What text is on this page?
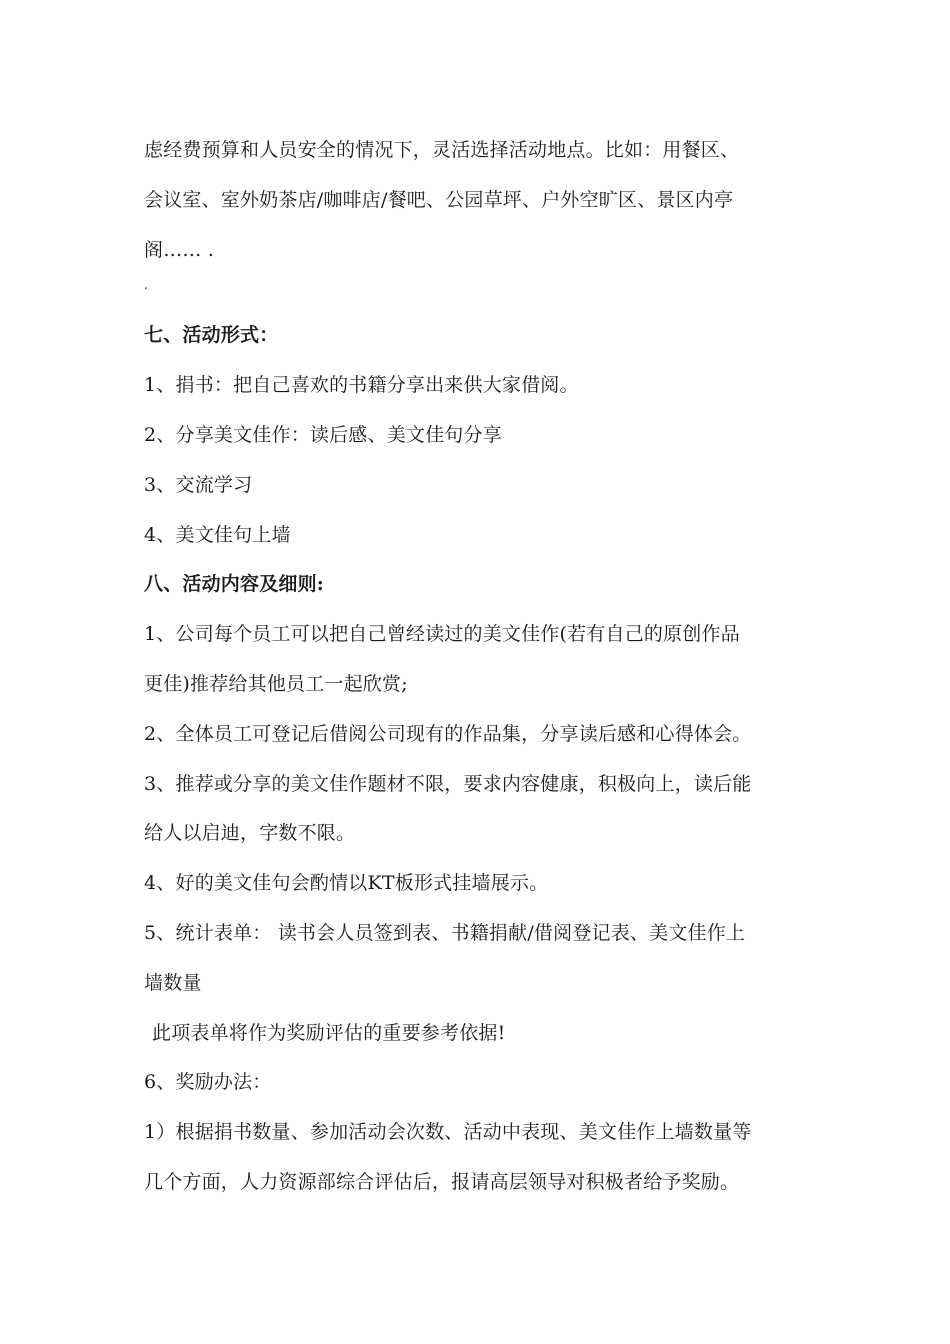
虑经费预算和人员安全的情况下，灵活选择活动地点。比如：用餐区、
会议室、室外奶茶店/咖啡店/餐吧、公园草坪、户外空旷区、景区内亭
阁…… .
.
七、活动形式：
1、捐书：把自己喜欢的书籍分享出来供大家借阅。
2、分享美文佳作：读后感、美文佳句分享
3、交流学习
4、美文佳句上墙
八、活动内容及细则:
1、公司每个员工可以把自己曾经读过的美文佳作(若有自己的原创作品
更佳)推荐给其他员工一起欣赏;
2、全体员工可登记后借阅公司现有的作品集，分享读后感和心得体会。
3、推荐或分享的美文佳作题材不限，要求内容健康，积极向上，读后能
给人以启迪，字数不限。
4、好的美文佳句会酌情以KT板形式挂墙展示。
5、统计表单： 读书会人员签到表、书籍捐献/借阅登记表、美文佳作上
墙数量
此项表单将作为奖励评估的重要参考依据!
6、奖励办法：
1）根据捐书数量、参加活动会次数、活动中表现、美文佳作上墙数量等
几个方面，人力资源部综合评估后，报请高层领导对积极者给予奖励。
